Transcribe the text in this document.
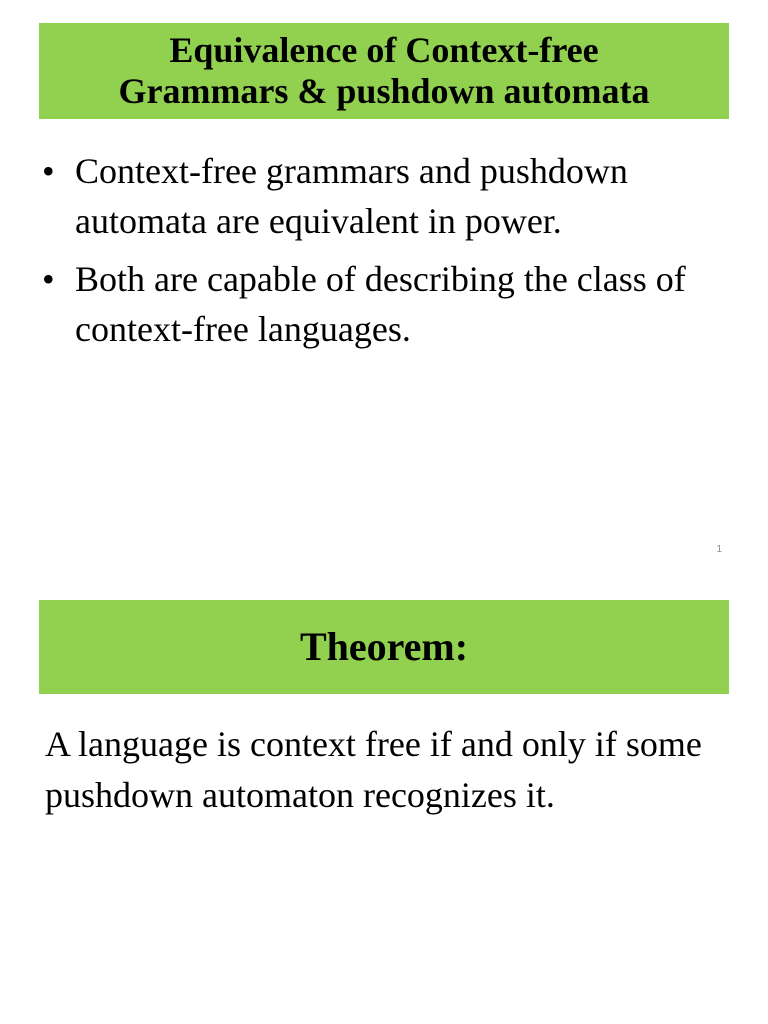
Equivalence of Context-free
Grammars & pushdown automata
• Context-free grammars and pushdown automata are equivalent in power.
• Both are capable of describing the class of context-free languages.
1
Theorem:

A language is context free if and only if some pushdown automaton recognizes it.
